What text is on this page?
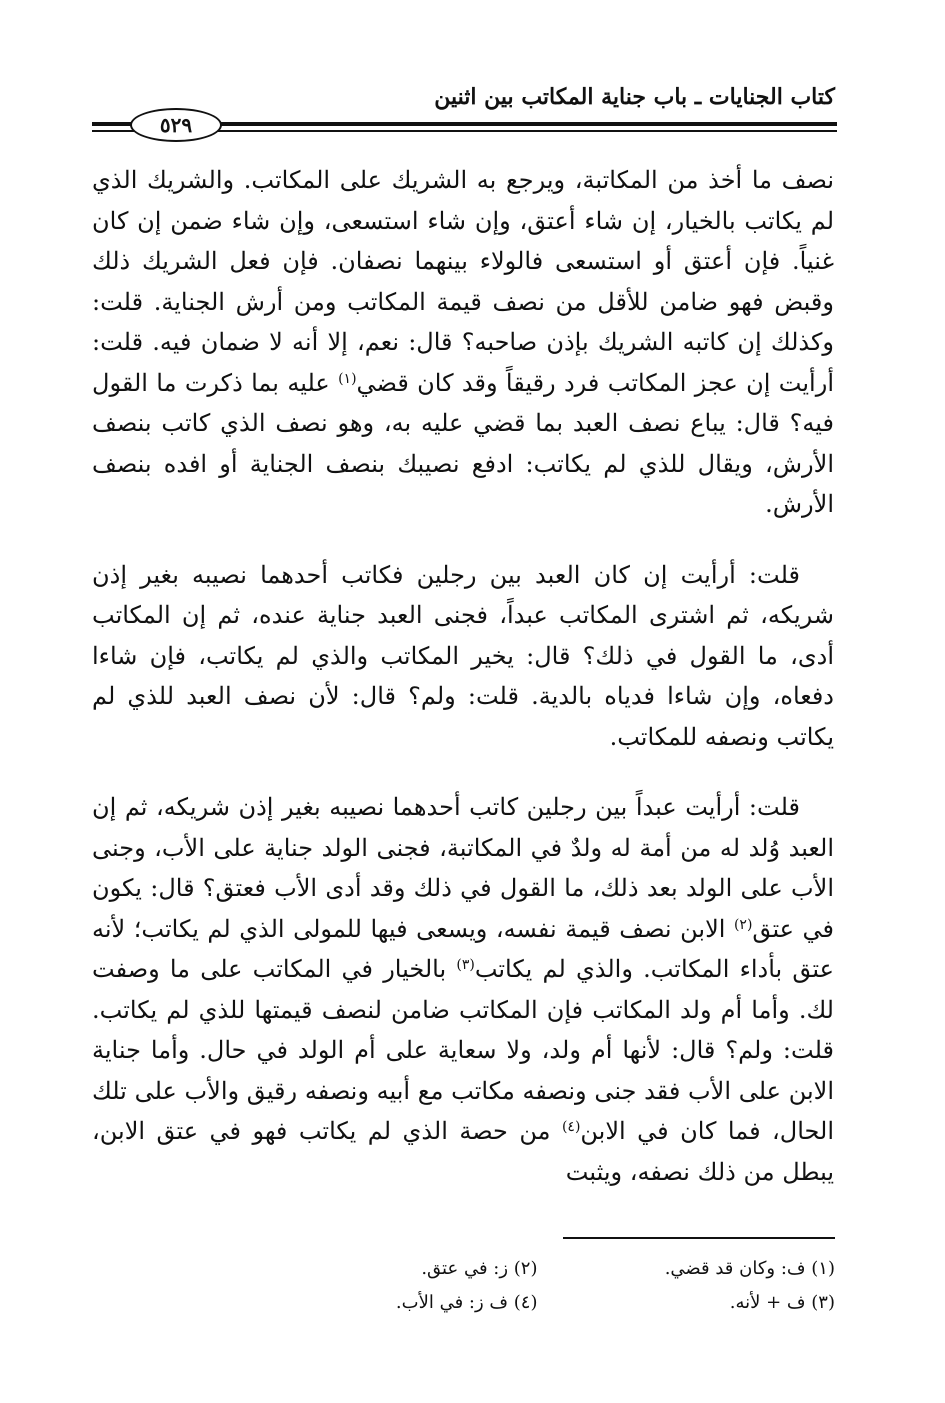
كتاب الجنايات ـ باب جناية المكاتب بين اثنين
٥٢٩

نصف ما أخذ من المكاتبة، ويرجع به الشريك على المكاتب. والشريك الذي لم يكاتب بالخيار، إن شاء أعتق، وإن شاء استسعى، وإن شاء ضمن إن كان غنياً. فإن أعتق أو استسعى فالولاء بينهما نصفان. فإن فعل الشريك ذلك وقبض فهو ضامن للأقل من نصف قيمة المكاتب ومن أرش الجناية. قلت: وكذلك إن كاتبه الشريك بإذن صاحبه؟ قال: نعم، إلا أنه لا ضمان فيه. قلت: أرأيت إن عجز المكاتب فرد رقيقاً وقد كان قضي$^{(١)}$ عليه بما ذكرت ما القول فيه؟ قال: يباع نصف العبد بما قضي عليه به، وهو نصف الذي كاتب بنصف الأرش، ويقال للذي لم يكاتب: ادفع نصيبك بنصف الجناية أو افده بنصف الأرش.

قلت: أرأيت إن كان العبد بين رجلين فكاتب أحدهما نصيبه بغير إذن شريكه، ثم اشترى المكاتب عبداً، فجنى العبد جناية عنده، ثم إن المكاتب أدى، ما القول في ذلك؟ قال: يخير المكاتب والذي لم يكاتب، فإن شاءا دفعاه، وإن شاءا فدياه بالدية. قلت: ولم؟ قال: لأن نصف العبد للذي لم يكاتب ونصفه للمكاتب.

قلت: أرأيت عبداً بين رجلين كاتب أحدهما نصيبه بغير إذن شريكه، ثم إن العبد وُلد له من أمة له ولدٌ في المكاتبة، فجنى الولد جناية على الأب، وجنى الأب على الولد بعد ذلك، ما القول في ذلك وقد أدى الأب فعتق؟ قال: يكون في عتق$^{(٢)}$ الابن نصف قيمة نفسه، ويسعى فيها للمولى الذي لم يكاتب؛ لأنه عتق بأداء المكاتب. والذي لم يكاتب$^{(٣)}$ بالخيار في المكاتب على ما وصفت لك. وأما أم ولد المكاتب فإن المكاتب ضامن لنصف قيمتها للذي لم يكاتب. قلت: ولم؟ قال: لأنها أم ولد، ولا سعاية على أم الولد في حال. وأما جناية الابن على الأب فقد جنى ونصفه مكاتب مع أبيه ونصفه رقيق والأب على تلك الحال، فما كان في الابن$^{(٤)}$ من حصة الذي لم يكاتب فهو في عتق الابن، يبطل من ذلك نصفه، ويثبت

(١) ف: وكان قد قضي.
(٢) ز: في عتق.
(٣) ف + لأنه.
(٤) ف ز: في الأب.
